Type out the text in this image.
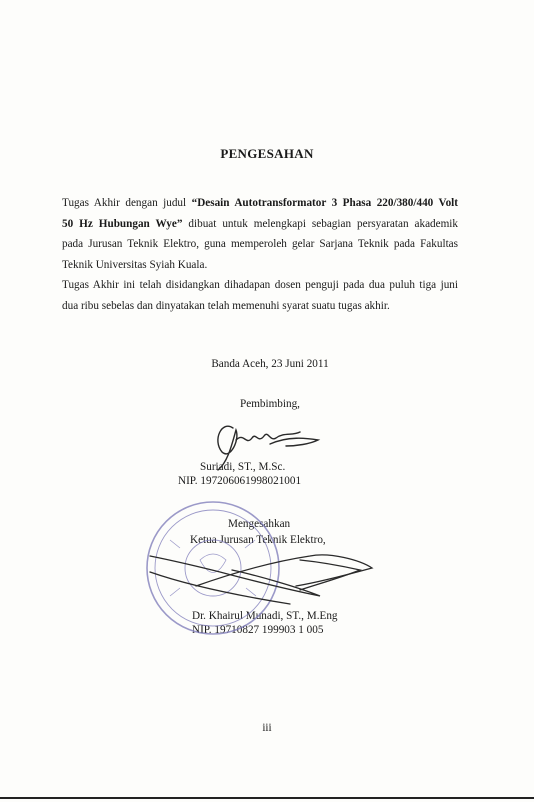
PENGESAHAN

Tugas Akhir dengan judul “Desain Autotransformator 3 Phasa 220/380/440 Volt
50 Hz Hubungan Wye” dibuat untuk melengkapi sebagian persyaratan akademik
pada Jurusan Teknik Elektro, guna memperoleh gelar Sarjana Teknik pada Fakultas
Teknik Universitas Syiah Kuala.

Tugas Akhir ini telah disidangkan dihadapan dosen penguji pada dua puluh tiga juni
dua ribu sebelas dan dinyatakan telah memenuhi syarat suatu tugas akhir.

Banda Aceh, 23 Juni 2011
Pembimbing,
Suriadi, ST., M.Sc.
NIP. 197206061998021001
Mengesahkan
Ketua Jurusan Teknik Elektro,
Dr. Khairul Munadi, ST., M.Eng
NIP. 19710827 199903 1 005
iii
